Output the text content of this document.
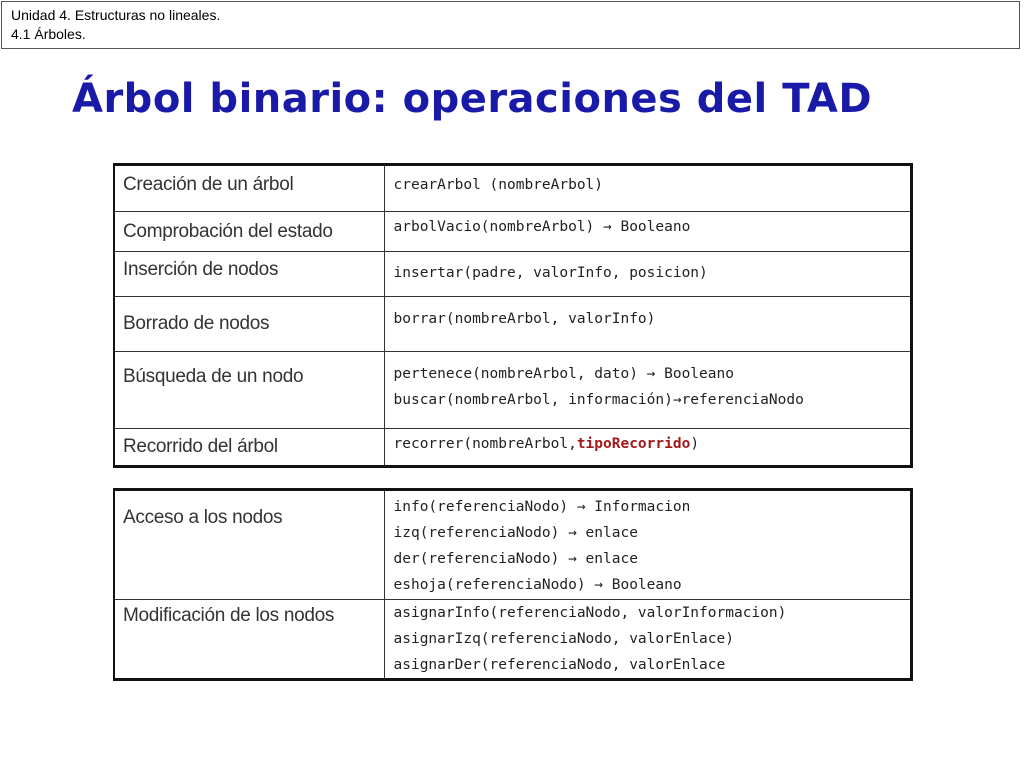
Unidad 4. Estructuras no lineales.
4.1 Árboles.
Árbol binario: operaciones del TAD
Creación de un árbol	crearArbol (nombreArbol)

Comprobación del estado	arbolVacio(nombreArbol) → Booleano

Inserción de nodos	insertar(padre, valorInfo, posicion)

Borrado de nodos	borrar(nombreArbol, valorInfo)

Búsqueda de un nodo	pertenece(nombreArbol, dato) → Booleano
buscar(nombreArbol, información)→referenciaNodo

Recorrido del árbol	recorrer(nombreArbol,tipoRecorrido)
Acceso a los nodos	info(referenciaNodo) → Informacion
izq(referenciaNodo) → enlace
der(referenciaNodo) → enlace
eshoja(referenciaNodo) → Booleano

Modificación de los nodos	asignarInfo(referenciaNodo, valorInformacion)
asignarIzq(referenciaNodo, valorEnlace)
asignarDer(referenciaNodo, valorEnlace
